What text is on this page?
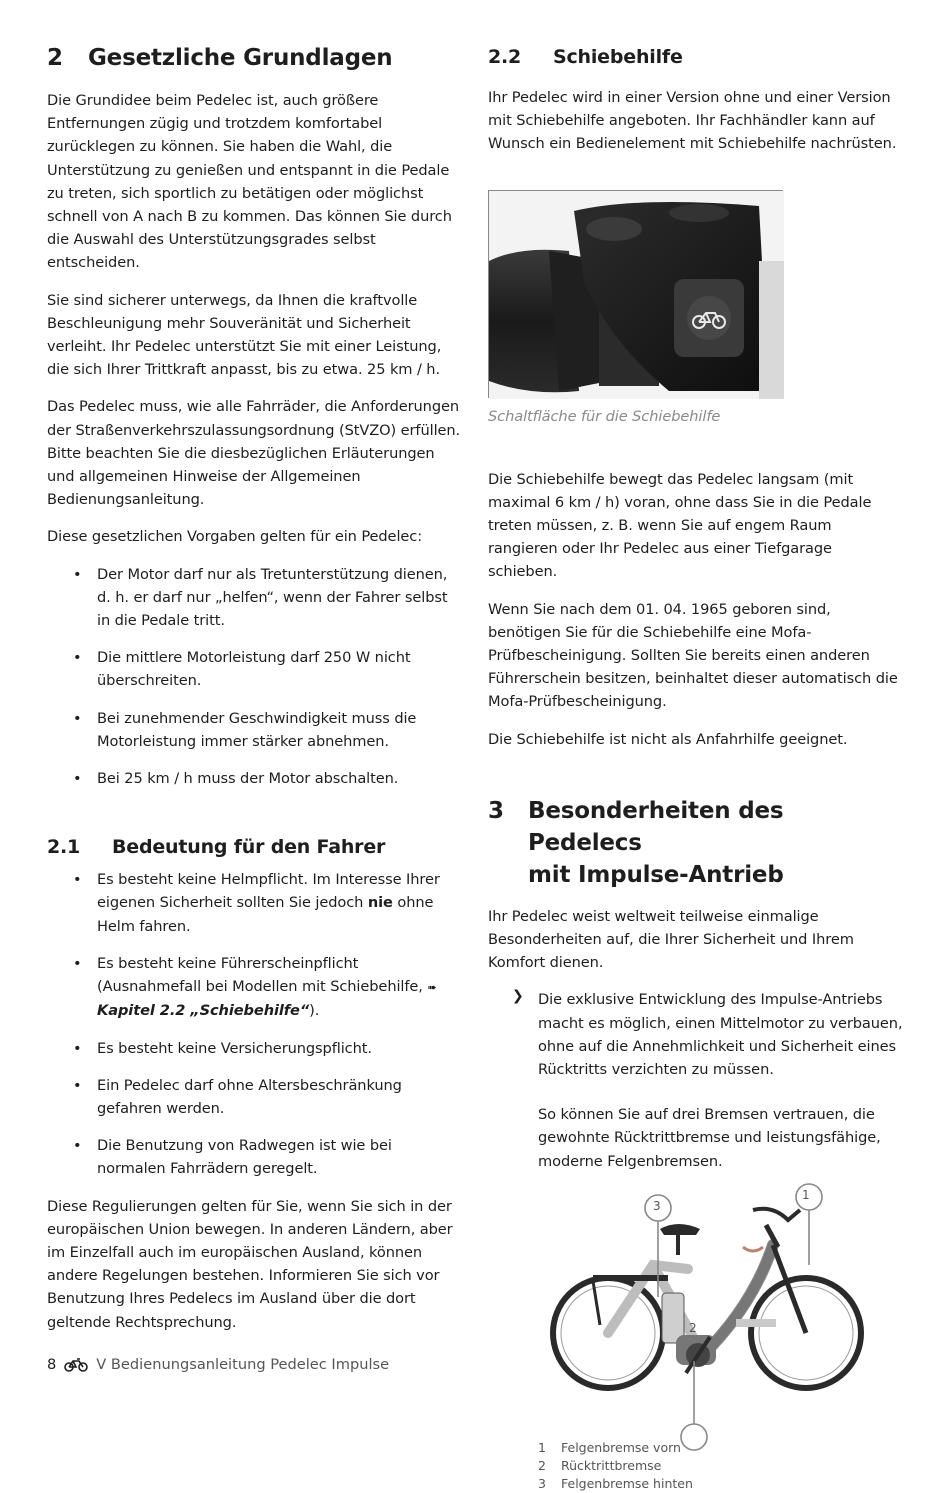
2	Gesetzliche Grundlagen

Die Grundidee beim Pedelec ist, auch größere Entfernungen zügig und trotzdem komfortabel zurücklegen zu können. Sie haben die Wahl, die Unterstützung zu genießen und entspannt in die Pedale zu treten, sich sportlich zu betätigen oder möglichst schnell von A nach B zu kommen. Das können Sie durch die Auswahl des Unterstützungsgrades selbst entscheiden.

Sie sind sicherer unterwegs, da Ihnen die kraftvolle Beschleunigung mehr Souveränität und Sicherheit verleiht. Ihr Pedelec unterstützt Sie mit einer Leistung, die sich Ihrer Trittkraft anpasst, bis zu etwa. 25 km / h.

Das Pedelec muss, wie alle Fahrräder, die Anforderungen der Straßenverkehrszulassungsordnung (StVZO) erfüllen. Bitte beachten Sie die diesbezüglichen Erläuterungen und allgemeinen Hinweise der Allgemeinen Bedienungsanleitung.

Diese gesetzlichen Vorgaben gelten für ein Pedelec:

• Der Motor darf nur als Tretunterstützung dienen, d. h. er darf nur „helfen“, wenn der Fahrer selbst in die Pedale tritt.
• Die mittlere Motorleistung darf 250 W nicht überschreiten.
• Bei zunehmender Geschwindigkeit muss die Motorleistung immer stärker abnehmen.
• Bei 25 km / h muss der Motor abschalten.
2.1	Bedeutung für den Fahrer
• Es besteht keine Helmpflicht. Im Interesse Ihrer eigenen Sicherheit sollten Sie jedoch nie ohne Helm fahren.
• Es besteht keine Führerscheinpflicht (Ausnahmefall bei Modellen mit Schiebehilfe, ➠ Kapitel 2.2 „Schiebehilfe“).
• Es besteht keine Versicherungspflicht.
• Ein Pedelec darf ohne Altersbeschränkung gefahren werden.
• Die Benutzung von Radwegen ist wie bei normalen Fahrrädern geregelt.

Diese Regulierungen gelten für Sie, wenn Sie sich in der europäischen Union bewegen. In anderen Ländern, aber im Einzelfall auch im europäischen Ausland, können andere Regelungen bestehen. Informieren Sie sich vor Benutzung Ihres Pedelecs im Ausland über die dort geltende Rechtsprechung.

2.2	Schiebehilfe

Ihr Pedelec wird in einer Version ohne und einer Version mit Schiebehilfe angeboten. Ihr Fachhändler kann auf Wunsch ein Bedienelement mit Schiebehilfe nachrüsten.

Schaltfläche für die Schiebehilfe

Die Schiebehilfe bewegt das Pedelec langsam (mit maximal 6 km / h) voran, ohne dass Sie in die Pedale treten müssen, z. B. wenn Sie auf engem Raum rangieren oder Ihr Pedelec aus einer Tiefgarage schieben.

Wenn Sie nach dem 01. 04. 1965 geboren sind, benötigen Sie für die Schiebehilfe eine Mofa-Prüfbescheinigung. Sollten Sie bereits einen anderen Führerschein besitzen, beinhaltet dieser automatisch die Mofa-Prüfbescheinigung.

Die Schiebehilfe ist nicht als Anfahrhilfe geeignet.

3	Besonderheiten des Pedelecs
mit Impulse-Antrieb

Ihr Pedelec weist weltweit teilweise einmalige Besonderheiten auf, die Ihrer Sicherheit und Ihrem Komfort dienen.

❯ Die exklusive Entwicklung des Impulse-Antriebs macht es möglich, einen Mittelmotor zu verbauen, ohne auf die Annehmlichkeit und Sicherheit eines Rücktritts verzichten zu müssen.

So können Sie auf drei Bremsen vertrauen, die gewohnte Rücktrittbremse und leistungsfähige, moderne Felgenbremsen.

1
3
2
1 Felgenbremse vorn
2 Rücktrittbremse
3 Felgenbremse hinten
8	V Bedienungsanleitung Pedelec Impulse
